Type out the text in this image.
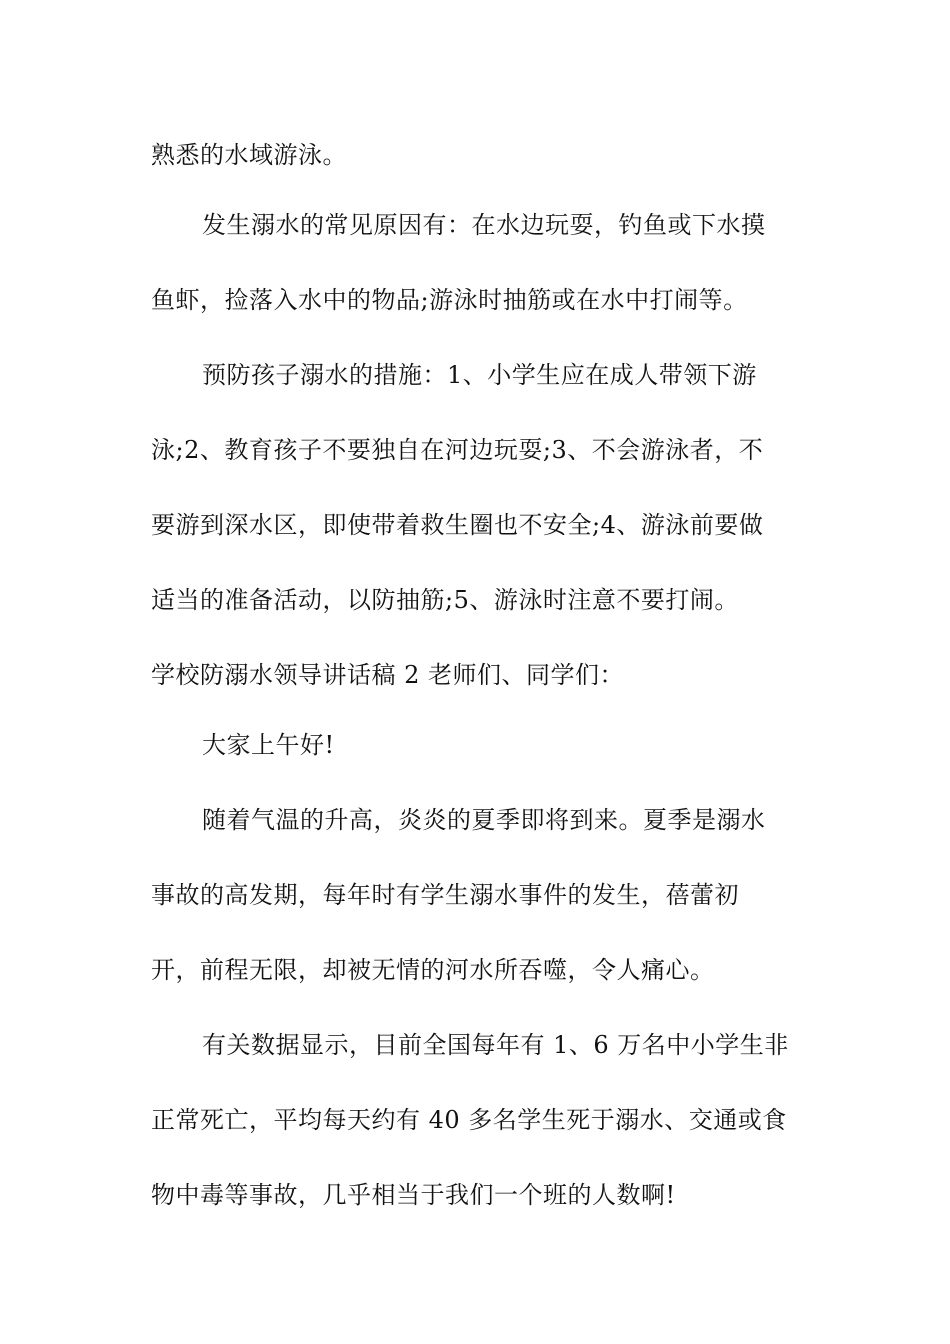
熟悉的水域游泳。
发生溺水的常见原因有：在水边玩耍，钓鱼或下水摸
鱼虾，捡落入水中的物品;游泳时抽筋或在水中打闹等。
预防孩子溺水的措施：1、小学生应在成人带领下游
泳;2、教育孩子不要独自在河边玩耍;3、不会游泳者，不
要游到深水区，即使带着救生圈也不安全;4、游泳前要做
适当的准备活动，以防抽筋;5、游泳时注意不要打闹。
学校防溺水领导讲话稿 2 老师们、同学们：
大家上午好!
随着气温的升高，炎炎的夏季即将到来。夏季是溺水
事故的高发期，每年时有学生溺水事件的发生，蓓蕾初
开，前程无限，却被无情的河水所吞噬，令人痛心。
有关数据显示，目前全国每年有 1、6 万名中小学生非
正常死亡，平均每天约有 40 多名学生死于溺水、交通或食
物中毒等事故，几乎相当于我们一个班的人数啊!
